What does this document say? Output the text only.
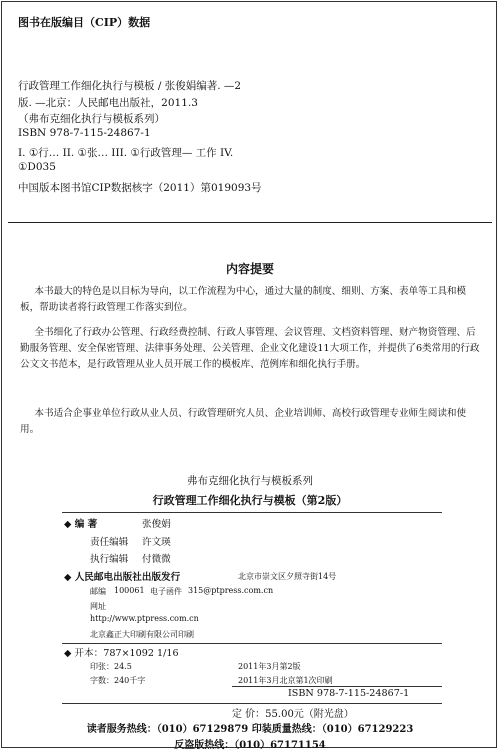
图书在版编目（CIP）数据
行政管理工作细化执行与模板 / 张俊娟编著. —2
版. —北京：人民邮电出版社，2011.3
（弗布克细化执行与模板系列）
ISBN 978-7-115-24867-1
I. ①行… II. ①张… III. ①行政管理— 工作 IV.
①D035
中国版本图书馆CIP数据核字（2011）第019093号
内容提要
本书最大的特色是以目标为导向，以工作流程为中心，通过大量的制度、细则、方案、表单等工具和模板，帮助读者将行政管理工作落实到位。
全书细化了行政办公管理、行政经费控制、行政人事管理、会议管理、文档资料管理、财产物资管理、后勤服务管理、安全保密管理、法律事务处理、公关管理、企业文化建设11大项工作，并提供了6类常用的行政公文文书范本，是行政管理从业人员开展工作的模板库、范例库和细化执行手册。
本书适合企事业单位行政从业人员、行政管理研究人员、企业培训师、高校行政管理专业师生阅读和使用。
弗布克细化执行与模板系列
行政管理工作细化执行与模板（第2版）
◆ 编 著	张俊娟
责任编辑 许文瑛
执行编辑 付微微
◆ 人民邮电出版社出版发行	北京市崇文区夕照寺街14号
邮编 100061 电子函件 315@ptpress.com.cn
网址
http://www.ptpress.com.cn
北京鑫正大印刷有限公司印刷
◆ 开本：787×1092 1/16
印张：24.5	2011年3月第2版
字数：240千字	2011年3月北京第1次印刷
ISBN 978-7-115-24867-1
定 价：55.00元（附光盘）
读者服务热线：（010）67129879 印装质量热线：（010）67129223
反盗版热线：（010）67171154
